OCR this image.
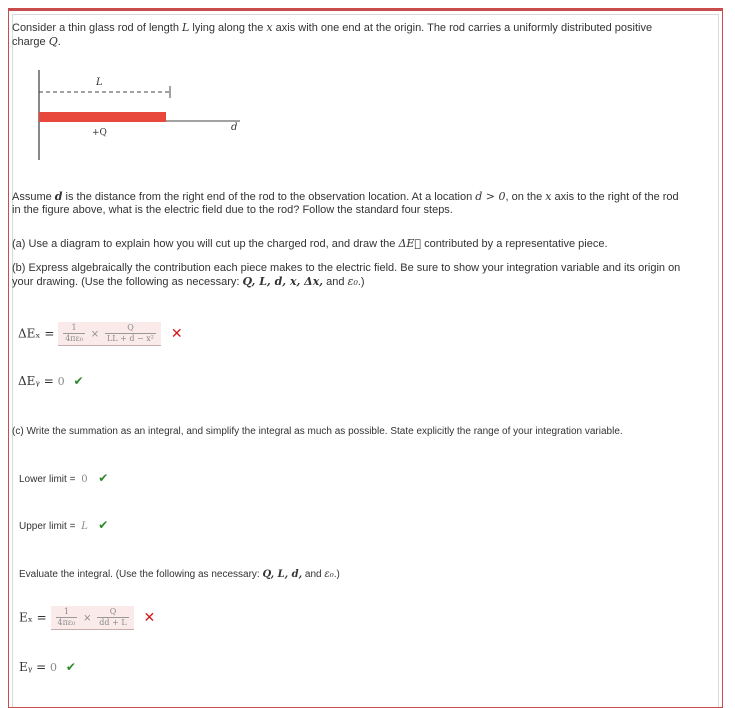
Consider a thin glass rod of length L lying along the x axis with one end at the origin. The rod carries a uniformly distributed positive
charge Q.
L
+Q	d
Assume d is the distance from the right end of the rod to the observation location. At a location d > 0, on the x axis to the right of the rod
in the figure above, what is the electric field due to the rod? Follow the standard four steps.
(a) Use a diagram to explain how you will cut up the charged rod, and draw the ΔE⃗ contributed by a representative piece.
(b) Express algebraically the contribution each piece makes to the electric field. Be sure to show your integration variable and its origin on
your drawing. (Use the following as necessary: Q, L, d, x, Δx, and ε₀.)
$\Delta E_x = \frac{1}{\text{4πε₀}} \times \frac{Q}{\text{LL + d − x²}}$ ✕
ΔEᵧ = 0 ✔
(c) Write the summation as an integral, and simplify the integral as much as possible. State explicitly the range of your integration variable.
Lower limit = 0 ✔
Upper limit = L ✔
Evaluate the integral. (Use the following as necessary: Q, L, d, and ε₀.)
$E_x = \frac{1}{\text{4πε₀}} \times \frac{Q}{dd + L}$ ✕
Eᵧ = 0 ✔
